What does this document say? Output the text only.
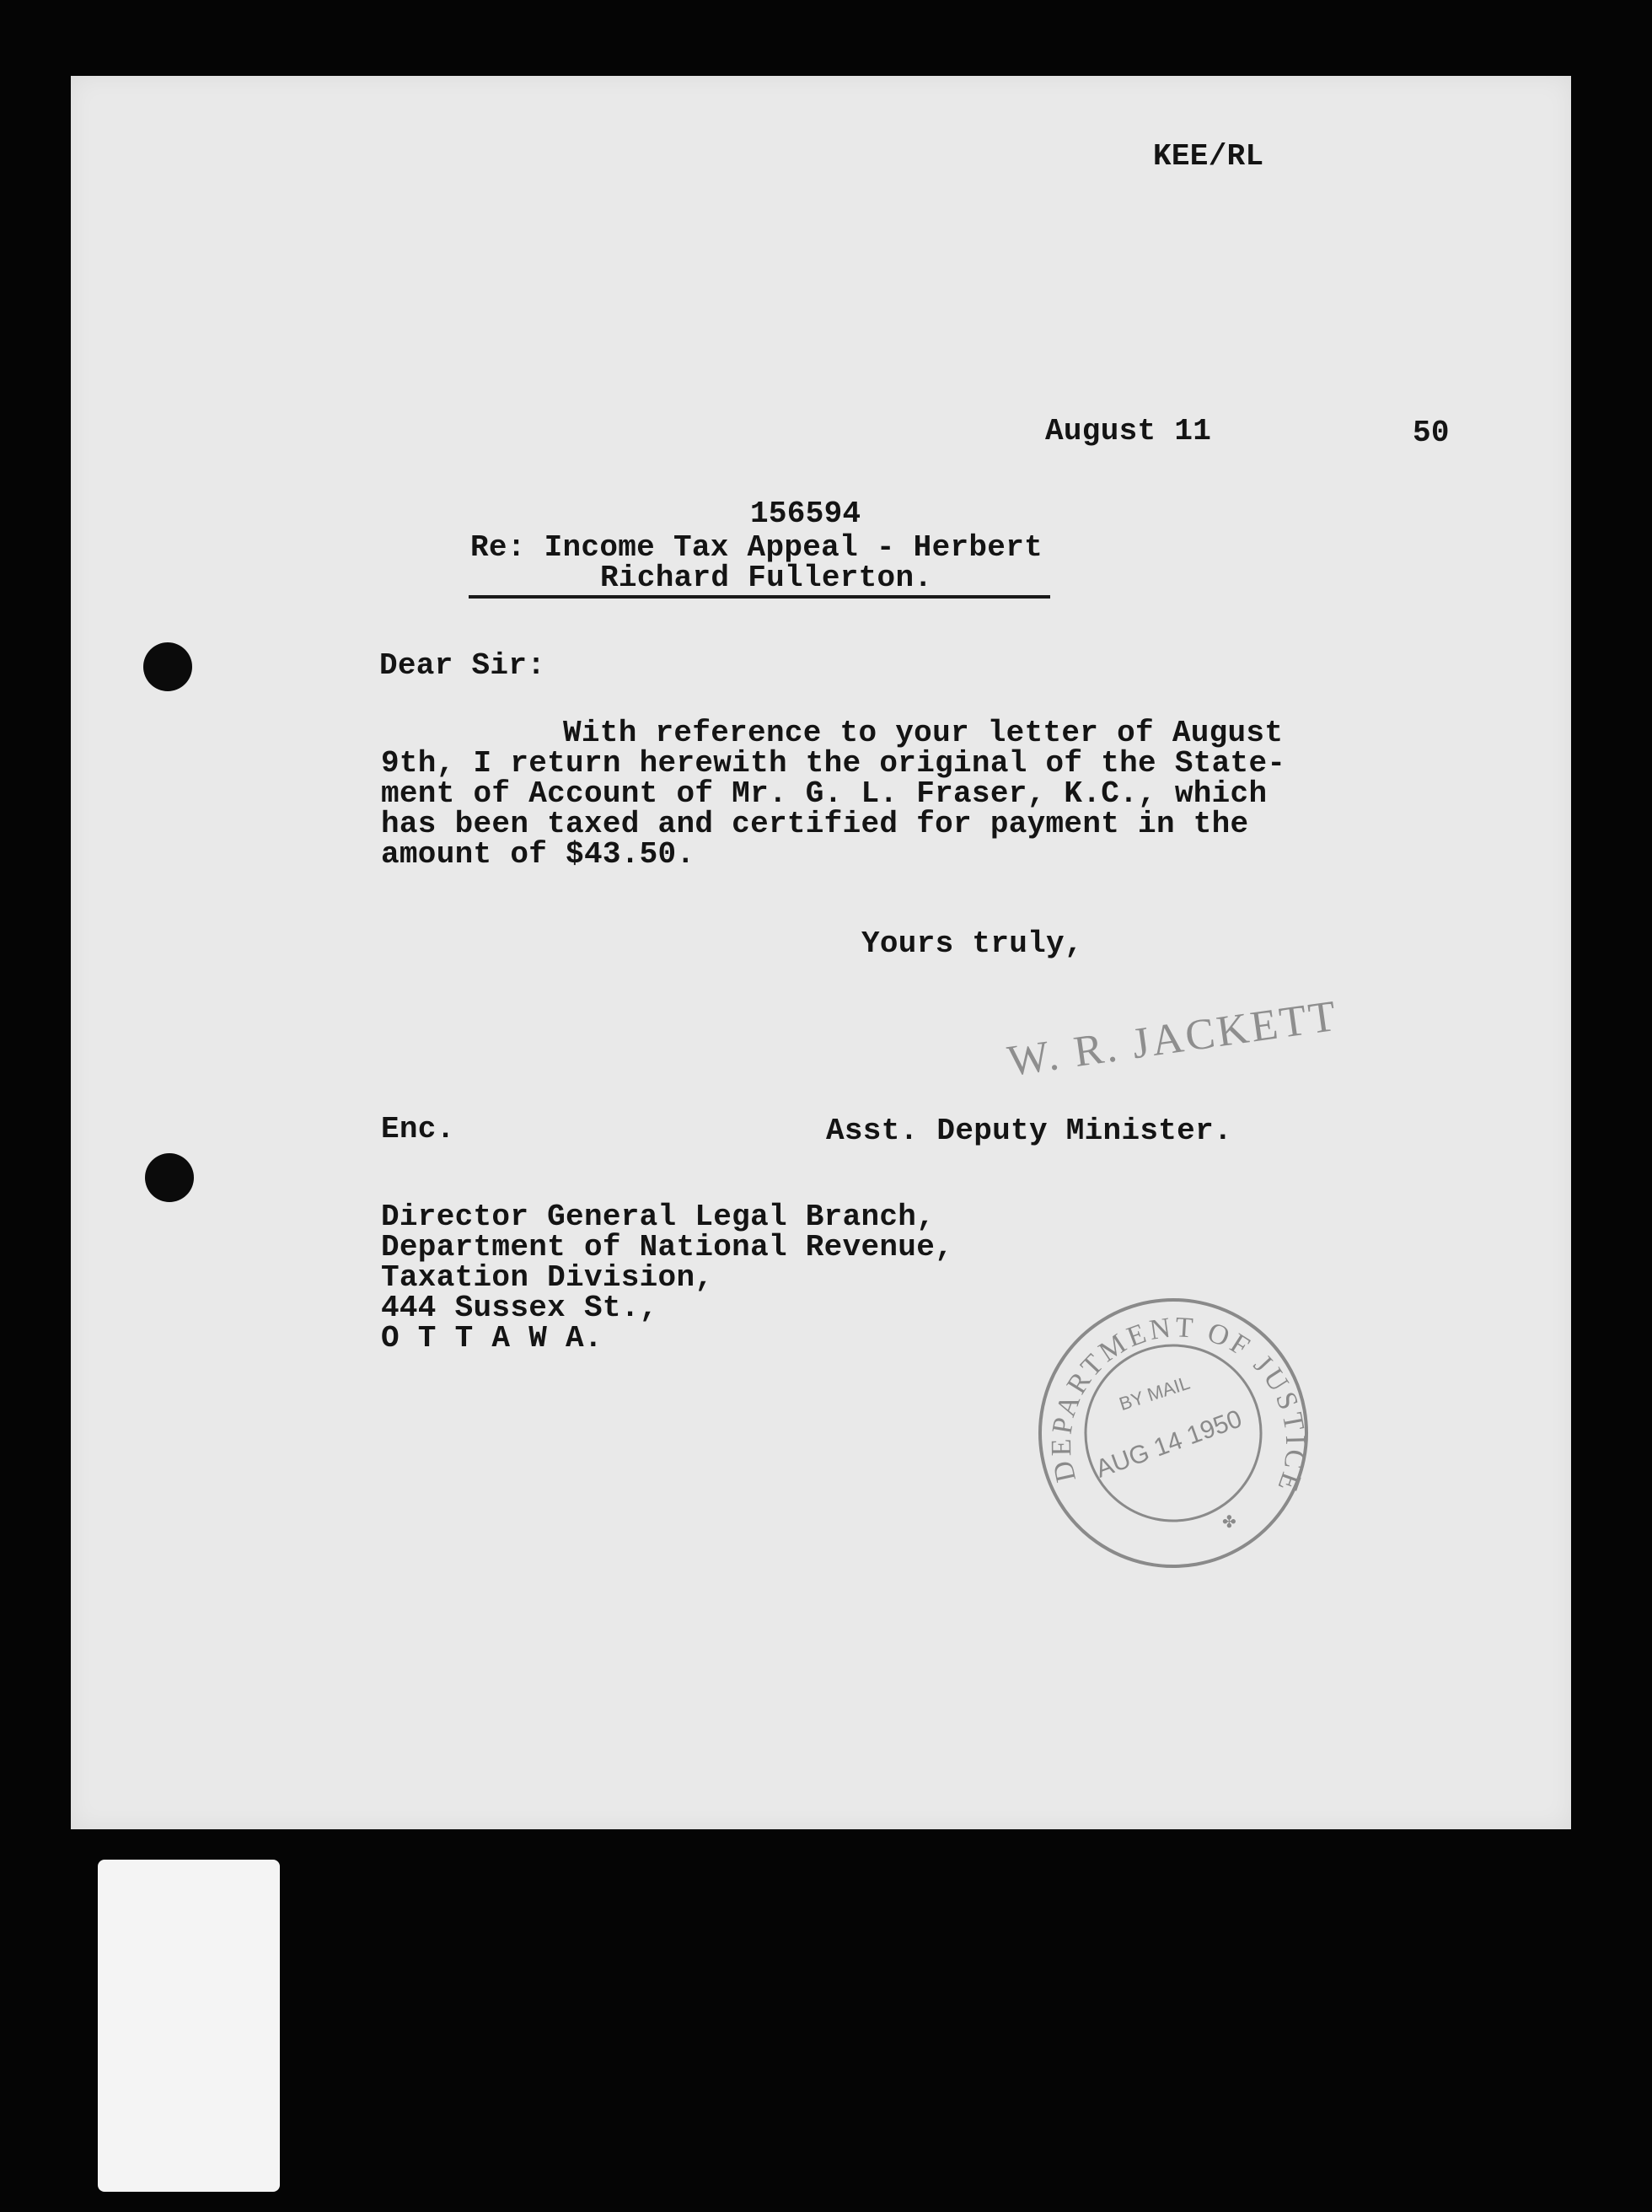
KEE/RL
August 11	50
156594
Re: Income Tax Appeal - Herbert
Richard Fullerton.
Dear Sir:
With reference to your letter of August
9th, I return herewith the original of the State-
ment of Account of Mr. G. L. Fraser, K.C., which
has been taxed and certified for payment in the
amount of $43.50.
Yours truly,
W. R. JACKETT
Enc.	Asst. Deputy Minister.
Director General Legal Branch,
Department of National Revenue,
Taxation Division,
444 Sussex St.,
O T T A W A.
DEPARTMENT OF JUSTICE
BY MAIL
AUG 14 1950
✤
